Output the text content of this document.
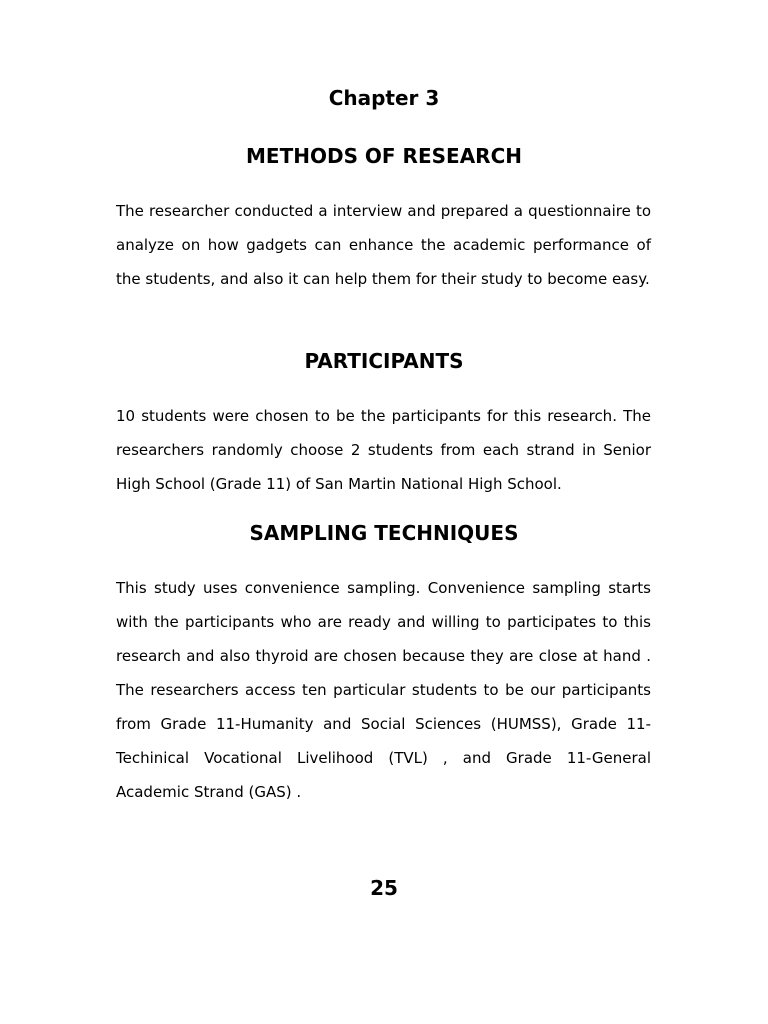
Chapter 3
METHODS OF RESEARCH

The researcher conducted a interview and prepared a questionnaire to analyze on how gadgets can enhance the academic performance of the students, and also it can help them for their study to become easy.

PARTICIPANTS

10 students were chosen to be the participants for this research. The researchers randomly choose 2 students from each strand in Senior High School (Grade 11) of San Martin National High School.

SAMPLING TECHNIQUES

This study uses convenience sampling. Convenience sampling starts with the participants who are ready and willing to participates to this research and also thyroid are chosen because they are close at hand . The researchers access ten particular students to be our participants from Grade 11-Humanity and Social Sciences (HUMSS), Grade 11- Techinical Vocational Livelihood (TVL) , and Grade 11-General Academic Strand (GAS) .

25
